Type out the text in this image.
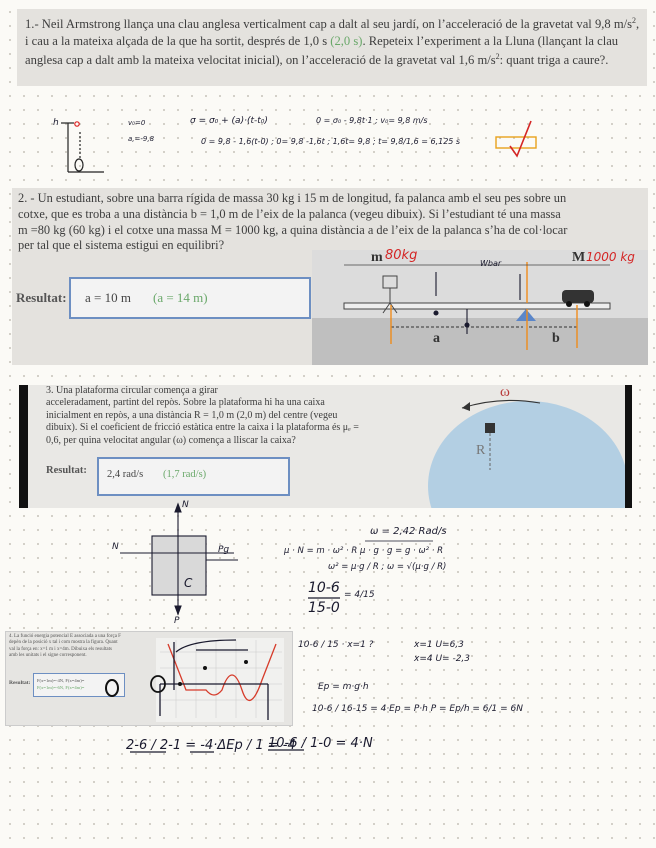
1.- Neil Armstrong llança una clau anglesa verticalment cap a dalt al seu jardí, on l’acceleració de la gravetat val 9,8 $m/s^2$, i cau a la mateixa alçada de la que ha sortit, després de 1,0 s (2,0 s). Repeteix l’experiment a la Lluna (llançant la clau anglesa cap a dalt amb la mateixa velocitat inicial), on l’acceleració de la gravetat val 1,6 $m/s^2$: quant triga a caure?.
h	v₀=0
a,=-9,8
σ = σ₀ + (a)·(t-t₀)	0 = σ₀ - 9,8t·1 ; v₀= 9,8 m/s
0 = 9,8 - 1,6(t-0) ; 0= 9,8 -1,6t ; 1,6t= 9,8 ; t= 9,8/1,6 = 6,125 s
2. - Un estudiant, sobre una barra rígida de massa 30 kg i 15 m de longitud, fa palanca amb el seu pes sobre un
cotxe, que es troba a una distància b = 1,0 m de l’eix de la palanca (vegeu dibuix). Si l’estudiant té una massa
m =80 kg (60 kg) i el cotxe una massa M = 1000 kg, a quina distància a de l’eix de la palanca s’ha de col·locar
per tal que el sistema estigui en equilibri?
Resultat: a = 10 m (a = 14 m)
m 80kg
Wbar	M 1000 kg
a	b
3. Una plataforma circular comença a girar
acceleradament, partint del repòs. Sobre la plataforma hi ha una caixa
inicialment en repòs, a una distància R = 1,0 m (2,0 m) del centre (vegeu
dibuix). Si el coeficient de fricció estàtica entre la caixa i la plataforma és μₑ =
0,6, per quina velocitat angular (ω) comença a lliscar la caixa?
Resultat: 2,4 rad/s (1,7 rad/s)
ω
R
N
N	Pg
P
C
ω = 2,42 Rad/s
μ · N = m · ω² · R μ · g · g = g · ω² · R
ω² = μ·g / R ; ω = √(μ·g / R)
10-6
15-0
= 4/15
10-6 / 15 · x=1 ?	x=1 U=6,3
x=4 U= -2,3
Ep = m·g·h
10-6 / 16-15 = 4·Ep = P·h P = Ep/h = 6/1 = 6N
4. La funció energia potencial E associada a una força F depèn de la posició x tal i com mostra la figura. Quant val la força en: x=1 m i x=4m. Dibuixa els resultats amb les unitats i el signe corresponent.
Resultat: F(x=1m)=-4N, F(x=4m)=
F(x=1m)=-6N, F(x=4m)=
2-6 / 2-1 = -4·ΔEp / 1 = -4
10-6 / 1-0 = 4·N
